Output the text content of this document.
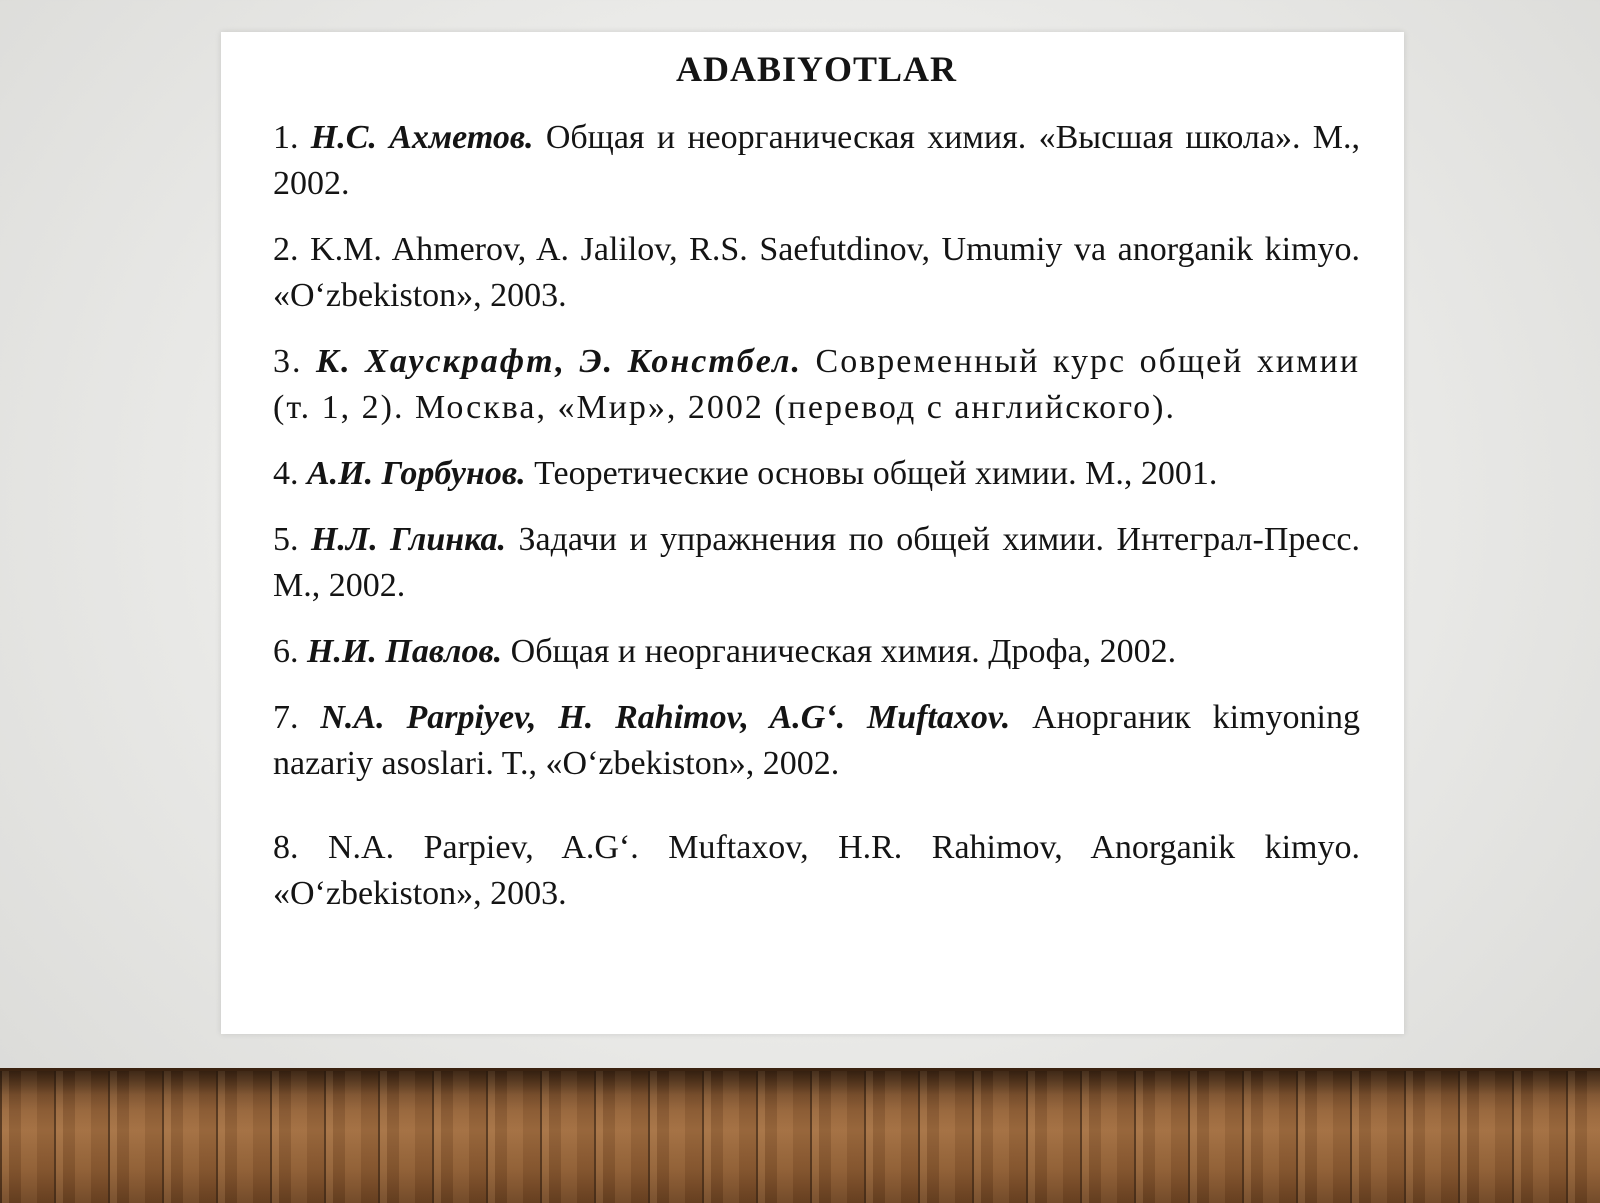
ADABIYOTLAR
1. Н.С. Ахметов. Общая и неорганическая химия. «Высшая школа». М., 2002.
2. K.M. Ahmerov, A. Jalilov, R.S. Saefutdinov, Umumiy va anorganik kimyo. «O‘zbekiston», 2003.
3. К. Хаускрафт, Э. Констбел. Современный курс общей химии (т. 1, 2). Москва, «Мир», 2002 (перевод с английского).
4. А.И. Горбунов. Теоретические основы общей химии. М., 2001.
5. Н.Л. Глинка. Задачи и упражнения по общей химии. Интеграл-Пресс. М., 2002.
6. Н.И. Павлов. Общая и неорганическая химия. Дрофа, 2002.
7. N.A. Parpiyev, H. Rahimov, A.G‘. Muftaxov. Анорганик kimyoning nazariy asoslari. T., «O‘zbekiston», 2002.
8. N.A. Parpiev, A.G‘. Muftaxov, H.R. Rahimov, Anorganik kimyo. «O‘zbekiston», 2003.
